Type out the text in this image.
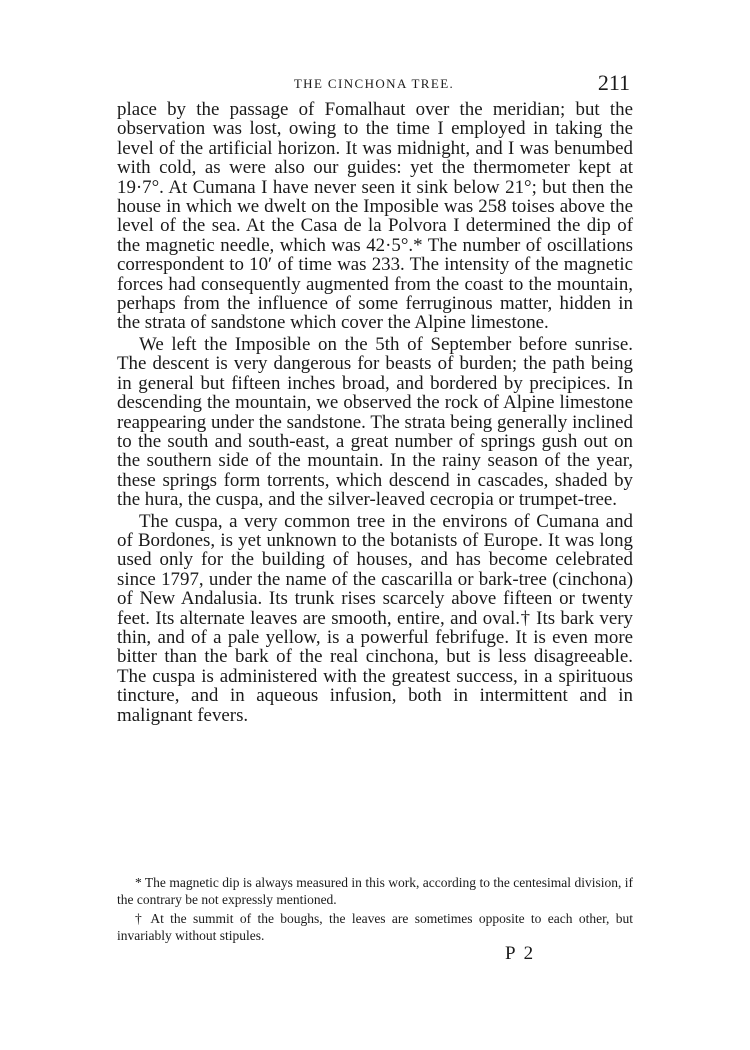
THE CINCHONA TREE.	211

place by the passage of Fomalhaut over the meridian; but the observation was lost, owing to the time I employed in taking the level of the artificial horizon. It was midnight, and I was benumbed with cold, as were also our guides: yet the thermometer kept at 19·7°. At Cumana I have never seen it sink below 21°; but then the house in which we dwelt on the Imposible was 258 toises above the level of the sea. At the Casa de la Polvora I determined the dip of the magnetic needle, which was 42·5°.* The number of oscillations correspondent to 10′ of time was 233. The intensity of the magnetic forces had consequently augmented from the coast to the mountain, perhaps from the influence of some ferruginous matter, hidden in the strata of sandstone which cover the Alpine limestone.

We left the Imposible on the 5th of September before sunrise. The descent is very dangerous for beasts of burden; the path being in general but fifteen inches broad, and bordered by precipices. In descending the mountain, we observed the rock of Alpine limestone reappearing under the sandstone. The strata being generally inclined to the south and south-east, a great number of springs gush out on the southern side of the mountain. In the rainy season of the year, these springs form torrents, which descend in cascades, shaded by the hura, the cuspa, and the silver-leaved cecropia or trumpet-tree.

The cuspa, a very common tree in the environs of Cumana and of Bordones, is yet unknown to the botanists of Europe. It was long used only for the building of houses, and has become celebrated since 1797, under the name of the cascarilla or bark-tree (cinchona) of New Andalusia. Its trunk rises scarcely above fifteen or twenty feet. Its alternate leaves are smooth, entire, and oval.† Its bark very thin, and of a pale yellow, is a powerful febrifuge. It is even more bitter than the bark of the real cinchona, but is less disagreeable. The cuspa is administered with the greatest success, in a spirituous tincture, and in aqueous infusion, both in intermittent and in malignant fevers.

* The magnetic dip is always measured in this work, according to the centesimal division, if the contrary be not expressly mentioned.

† At the summit of the boughs, the leaves are sometimes opposite to each other, but invariably without stipules.

P 2
